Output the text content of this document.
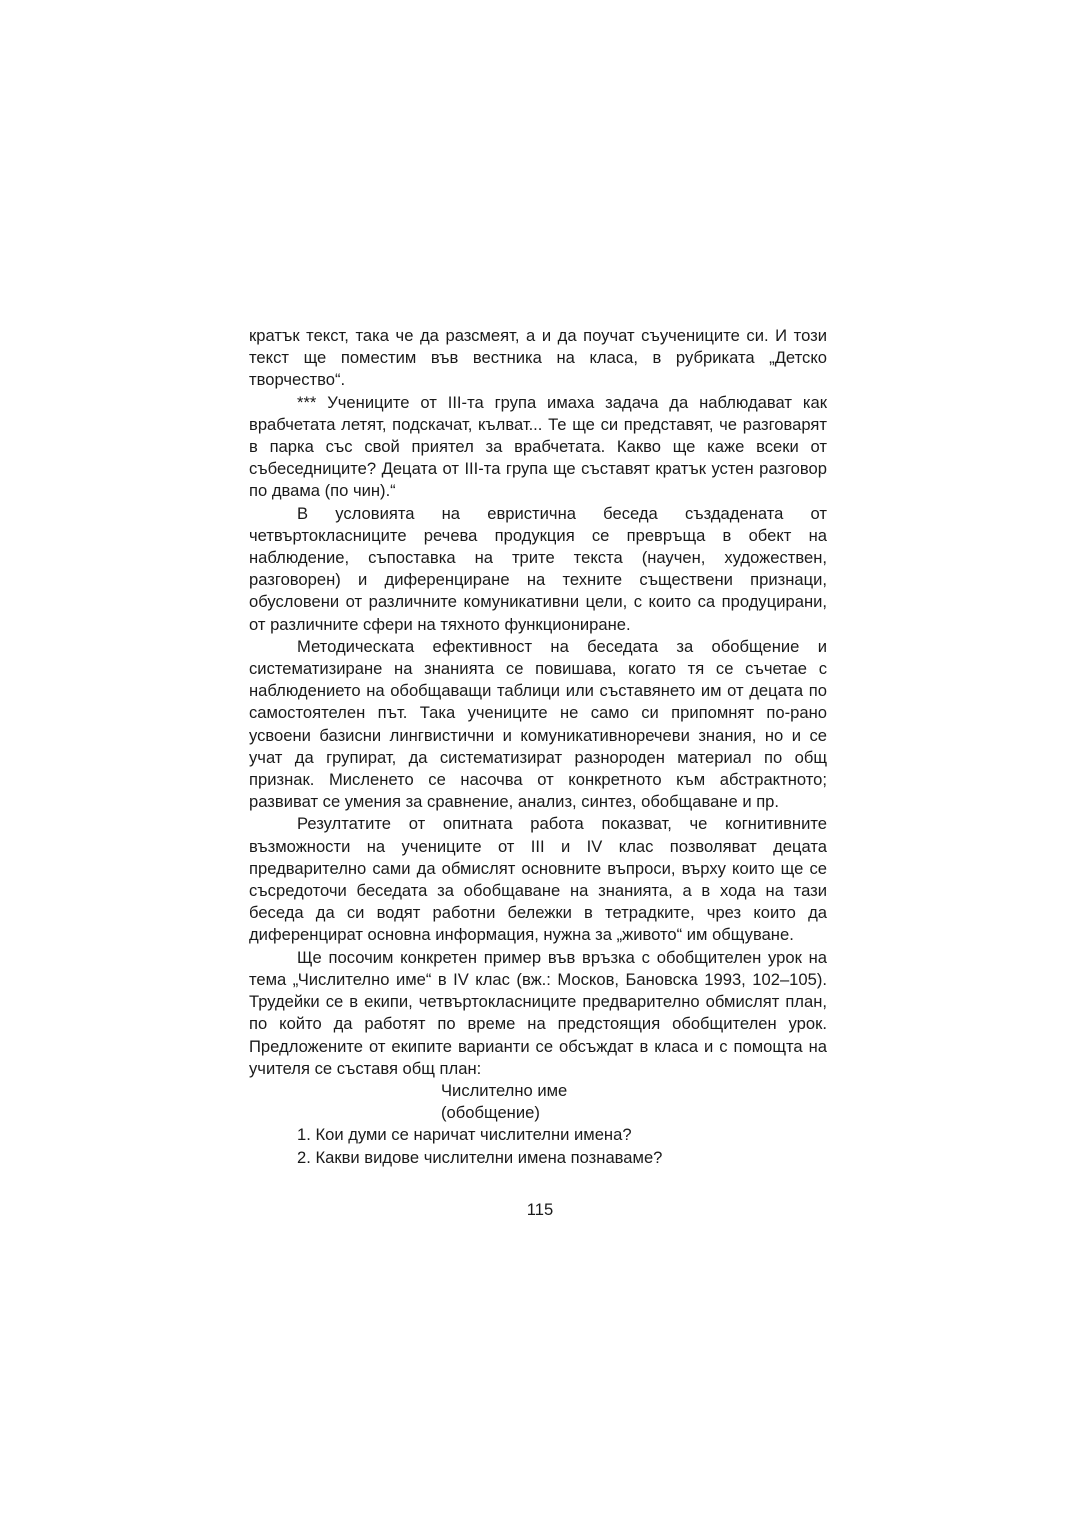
кратък текст, така че да разсмеят, а и да поучат съучениците си. И този текст ще поместим във вестника на класа, в рубриката „Детско творчество“.

*** Учениците от III-та група имаха задача да наблюдават как врабчетата летят, подскачат, кълват... Те ще си представят, че разговарят в парка със свой приятел за врабчетата. Какво ще каже всеки от събеседниците? Децата от III-та група ще съставят кратък устен разговор по двама (по чин).“

В условията на евристична беседа създадената от четвъртокласниците речева продукция се превръща в обект на наблюдение, съпоставка на трите текста (научен, художествен, разговорен) и диференциране на техните съществени признаци, обусловени от различните комуникативни цели, с които са продуцирани, от различните сфери на тяхното функциониране.

Методическата ефективност на беседата за обобщение и систематизиране на знанията се повишава, когато тя се съчетае с наблюдението на обобщаващи таблици или съставянето им от децата по самостоятелен път. Така учениците не само си припомнят по-рано усвоени базисни лингвистични и комуникативноречеви знания, но и се учат да групират, да систематизират разнороден материал по общ признак. Мисленето се насочва от конкретното към абстрактното; развиват се умения за сравнение, анализ, синтез, обобщаване и пр.

Резултатите от опитната работа показват, че когнитивните възможности на учениците от III и IV клас позволяват децата предварително сами да обмислят основните въпроси, върху които ще се съсредоточи беседата за обобщаване на знанията, а в хода на тази беседа да си водят работни бележки в тетрадките, чрез които да диференцират основна информация, нужна за „живото“ им общуване.

Ще посочим конкретен пример във връзка с обобщителен урок на тема „Числително име“ в IV клас (вж.: Москов, Бановска 1993, 102–105). Трудейки се в екипи, четвъртокласниците предварително обмислят план, по който да работят по време на предстоящия обобщителен урок. Предложените от екипите варианти се обсъждат в класа и с помощта на учителя се съставя общ план:

Числително име

(обобщение)

1. Кои думи се наричат числителни имена?

2. Какви видове числителни имена познаваме?

115
